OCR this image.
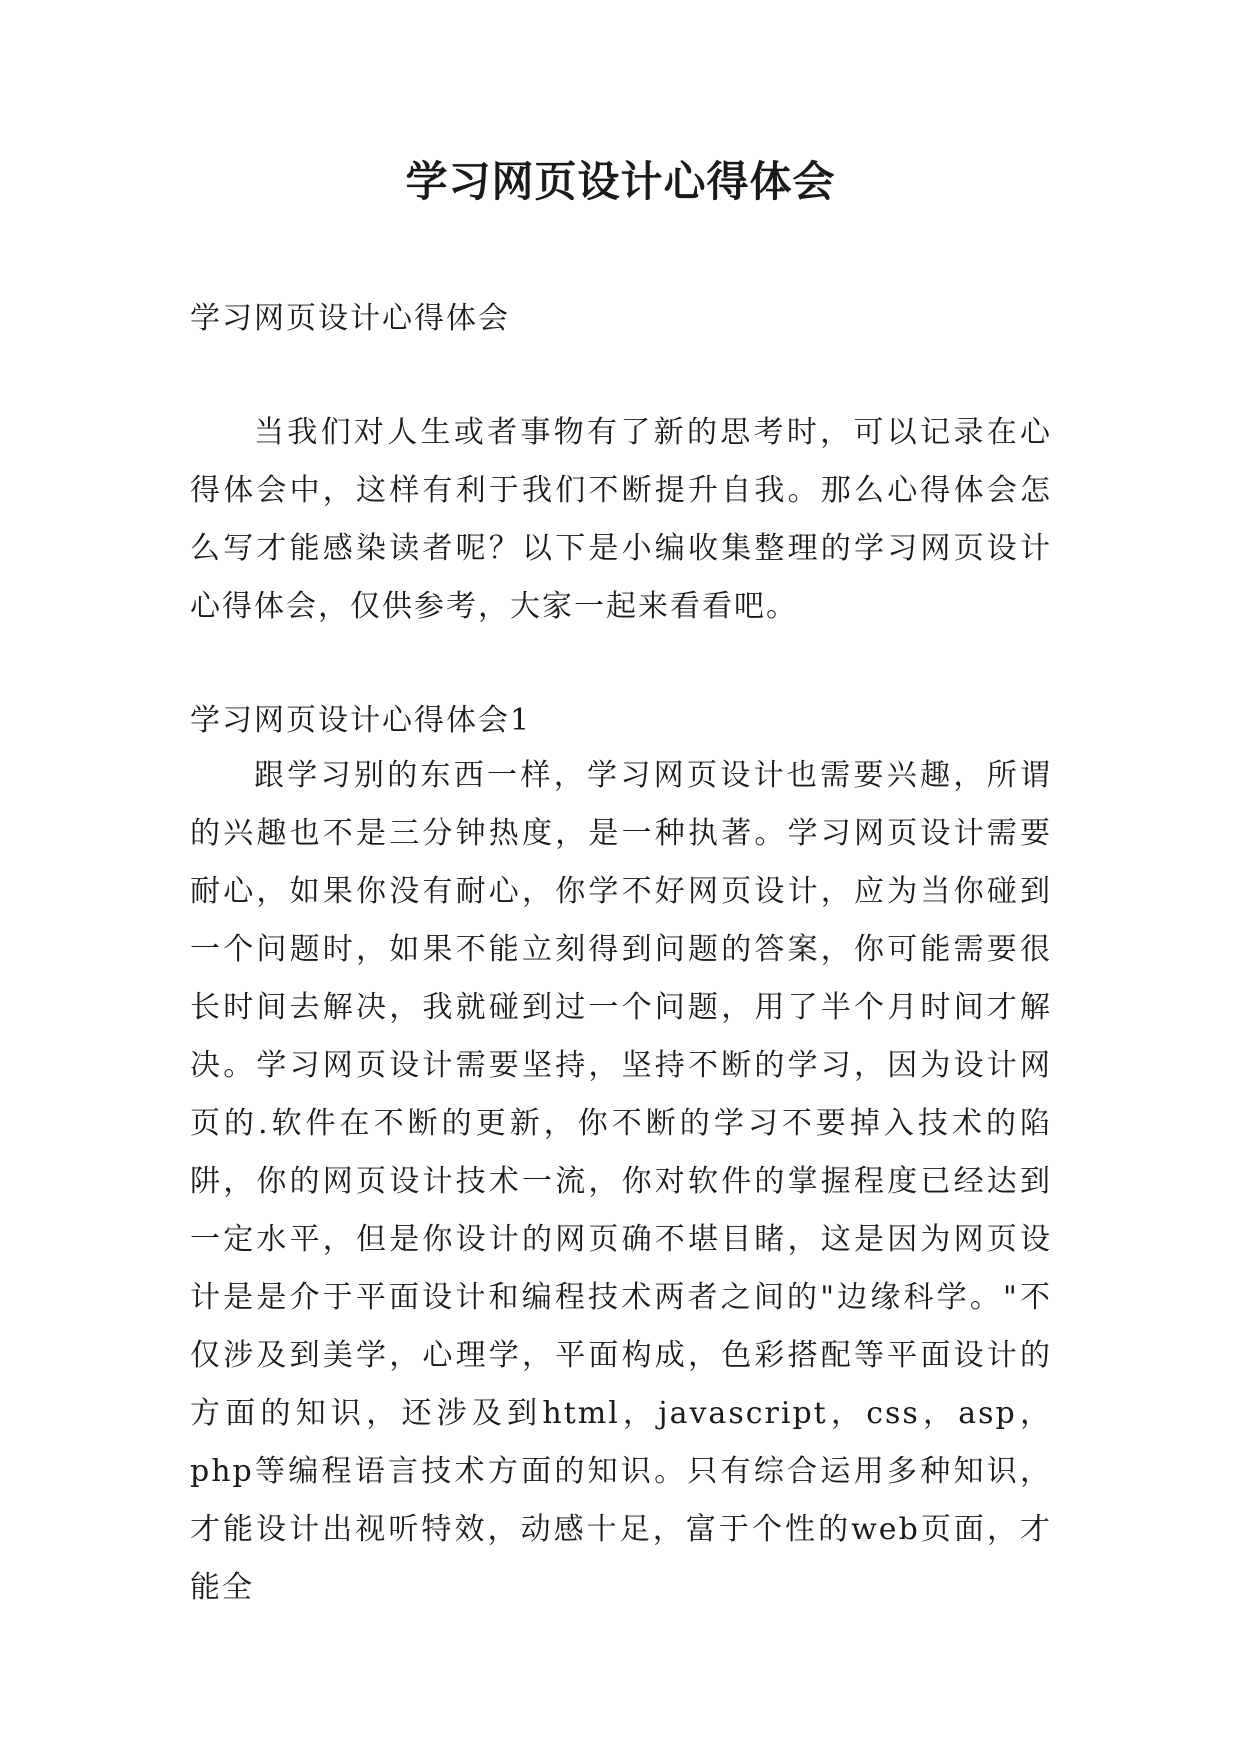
学习网页设计心得体会

学习网页设计心得体会

当我们对人生或者事物有了新的思考时，可以记录在心得体会中，这样有利于我们不断提升自我。那么心得体会怎么写才能感染读者呢？以下是小编收集整理的学习网页设计心得体会，仅供参考，大家一起来看看吧。

学习网页设计心得体会1

跟学习别的东西一样，学习网页设计也需要兴趣，所谓的兴趣也不是三分钟热度，是一种执著。学习网页设计需要耐心，如果你没有耐心，你学不好网页设计，应为当你碰到一个问题时，如果不能立刻得到问题的答案，你可能需要很长时间去解决，我就碰到过一个问题，用了半个月时间才解决。学习网页设计需要坚持，坚持不断的学习，因为设计网页的.软件在不断的更新，你不断的学习不要掉入技术的陷阱，你的网页设计技术一流，你对软件的掌握程度已经达到一定水平，但是你设计的网页确不堪目睹，这是因为网页设计是是介于平面设计和编程技术两者之间的"边缘科学。"不仅涉及到美学，心理学，平面构成，色彩搭配等平面设计的方面的知识，还涉及到html，javascript，css，asp，php等编程语言技术方面的知识。只有综合运用多种知识，才能设计出视听特效，动感十足，富于个性的web页面，才能全
